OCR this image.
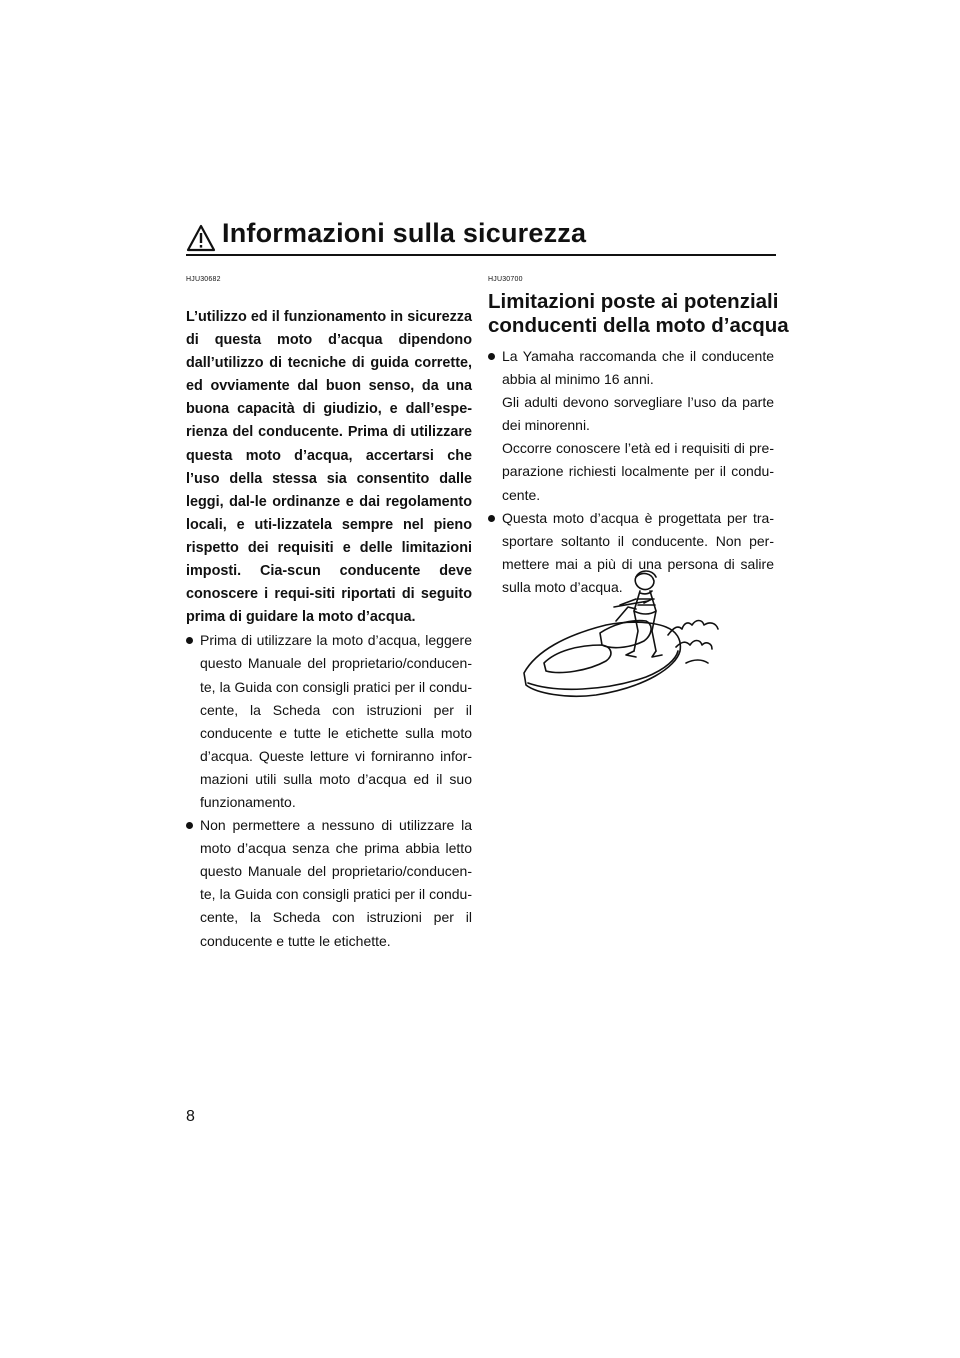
Informazioni sulla sicurezza

HJU30682

L’utilizzo ed il funzionamento in sicurezza di questa moto d’acqua dipendono dall’utilizzo di tecniche di guida corrette, ed ovviamente dal buon senso, da una buona capacità di giudizio, e dall’espe-rienza del conducente. Prima di utilizzare questa moto d’acqua, accertarsi che l’uso della stessa sia consentito dalle leggi, dal-le ordinanze e dai regolamento locali, e uti-lizzatela sempre nel pieno rispetto dei requisiti e delle limitazioni imposti. Cia-scun conducente deve conoscere i requi-siti riportati di seguito prima di guidare la moto d’acqua.

Prima di utilizzare la moto d’acqua, leggere questo Manuale del proprietario/conducen-te, la Guida con consigli pratici per il condu-cente, la Scheda con istruzioni per il conducente e tutte le etichette sulla moto d’acqua. Queste letture vi forniranno infor-mazioni utili sulla moto d’acqua ed il suo funzionamento.

Non permettere a nessuno di utilizzare la moto d’acqua senza che prima abbia letto questo Manuale del proprietario/conducen-te, la Guida con consigli pratici per il condu-cente, la Scheda con istruzioni per il conducente e tutte le etichette.

HJU30700

Limitazioni poste ai potenziali
conducenti della moto d’acqua

La Yamaha raccomanda che il conducente abbia al minimo 16 anni.

Gli adulti devono sorvegliare l’uso da parte dei minorenni.

Occorre conoscere l’età ed i requisiti di pre-parazione richiesti localmente per il condu-cente.

Questa moto d’acqua è progettata per tra-sportare soltanto il conducente. Non per-mettere mai a più di una persona di salire sulla moto d’acqua.

8
